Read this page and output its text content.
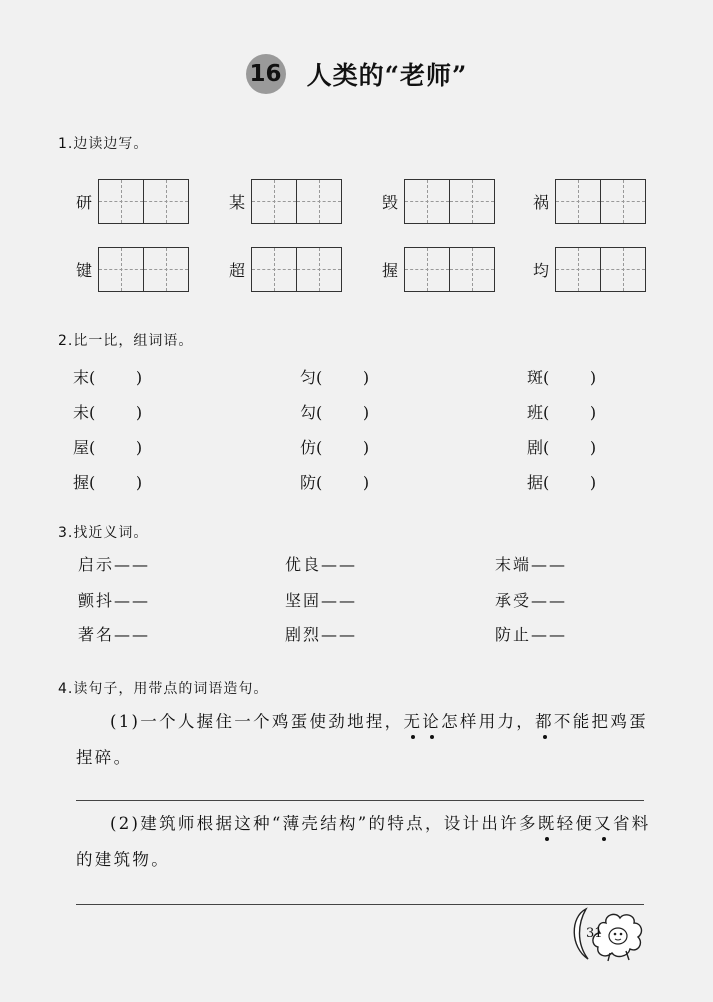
16 人类的“老师”
1.边读边写。
研	某	毁	祸
键	超	握	均
2.比一比，组词语。
末(        )	匀(        )	斑(        )
未(        )	勾(        )	班(        )
屋(        )	仿(        )	剧(        )
握(        )	防(        )	据(        )
3.找近义词。
启示——	优良——	末端——
颤抖——	坚固——	承受——
著名——	剧烈——	防止——
4.读句子，用带点的词语造句。
(1)一个人握住一个鸡蛋使劲地捏，无论怎样用力，都不能把鸡蛋
捏碎。
(2)建筑师根据这种“薄壳结构”的特点，设计出许多既轻便又省料
的建筑物。
31
